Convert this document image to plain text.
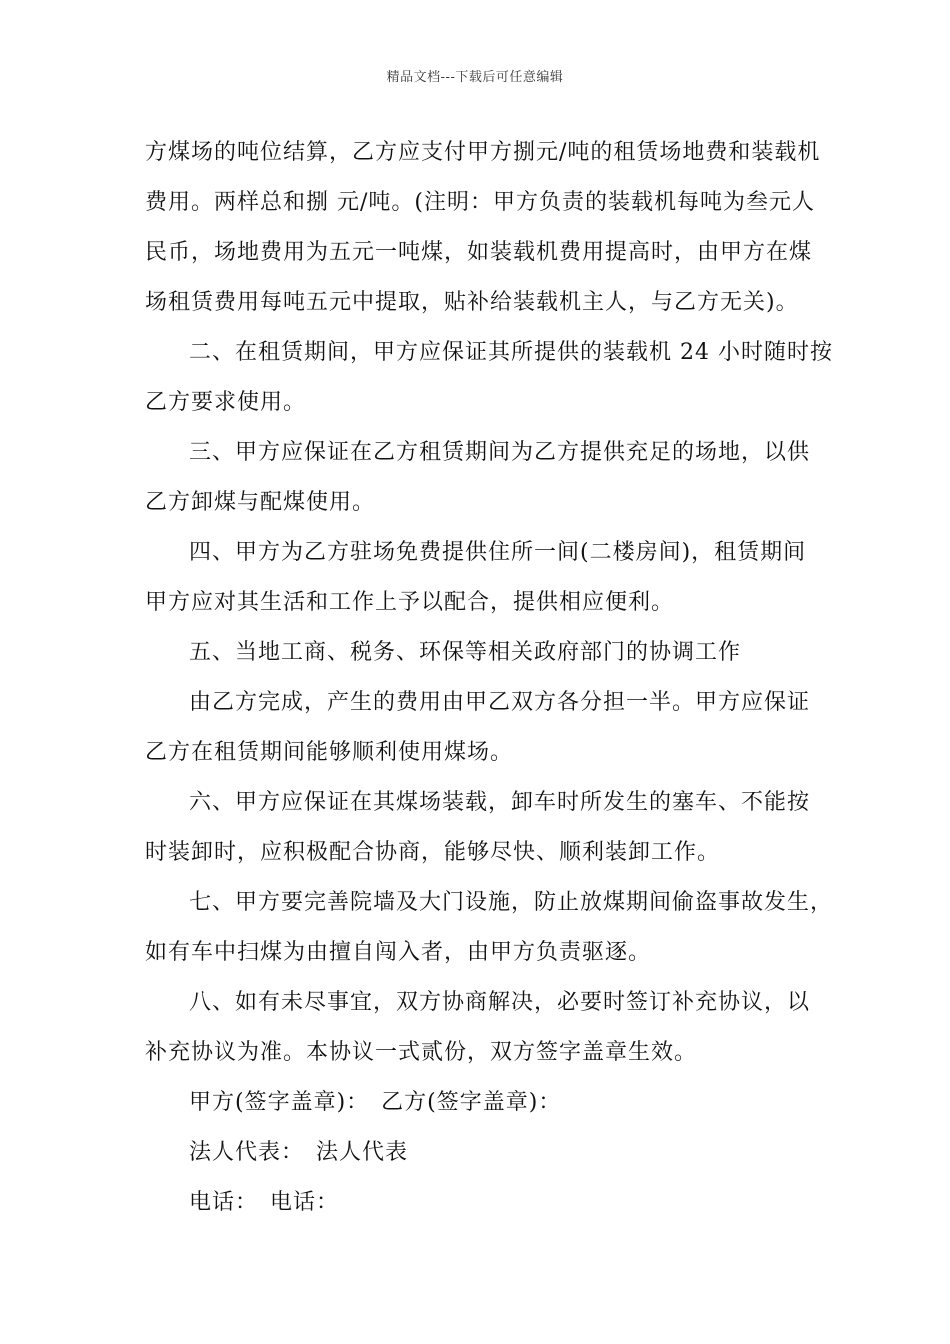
精品文档---下载后可任意编辑
方煤场的吨位结算，乙方应支付甲方捌元/吨的租赁场地费和装载机
费用。两样总和捌 元/吨。(注明：甲方负责的装载机每吨为叁元人
民币，场地费用为五元一吨煤，如装载机费用提高时，由甲方在煤
场租赁费用每吨五元中提取，贴补给装载机主人，与乙方无关)。
二、在租赁期间，甲方应保证其所提供的装载机 24 小时随时按
乙方要求使用。
三、甲方应保证在乙方租赁期间为乙方提供充足的场地，以供
乙方卸煤与配煤使用。
四、甲方为乙方驻场免费提供住所一间(二楼房间)，租赁期间
甲方应对其生活和工作上予以配合，提供相应便利。
五、当地工商、税务、环保等相关政府部门的协调工作
由乙方完成，产生的费用由甲乙双方各分担一半。甲方应保证
乙方在租赁期间能够顺利使用煤场。
六、甲方应保证在其煤场装载，卸车时所发生的塞车、不能按
时装卸时，应积极配合协商，能够尽快、顺利装卸工作。
七、甲方要完善院墙及大门设施，防止放煤期间偷盗事故发生，
如有车中扫煤为由擅自闯入者，由甲方负责驱逐。
八、如有未尽事宜，双方协商解决，必要时签订补充协议，以
补充协议为准。本协议一式贰份，双方签字盖章生效。
甲方(签字盖章)：　乙方(签字盖章)：
法人代表：　法人代表
电话：　电话：
